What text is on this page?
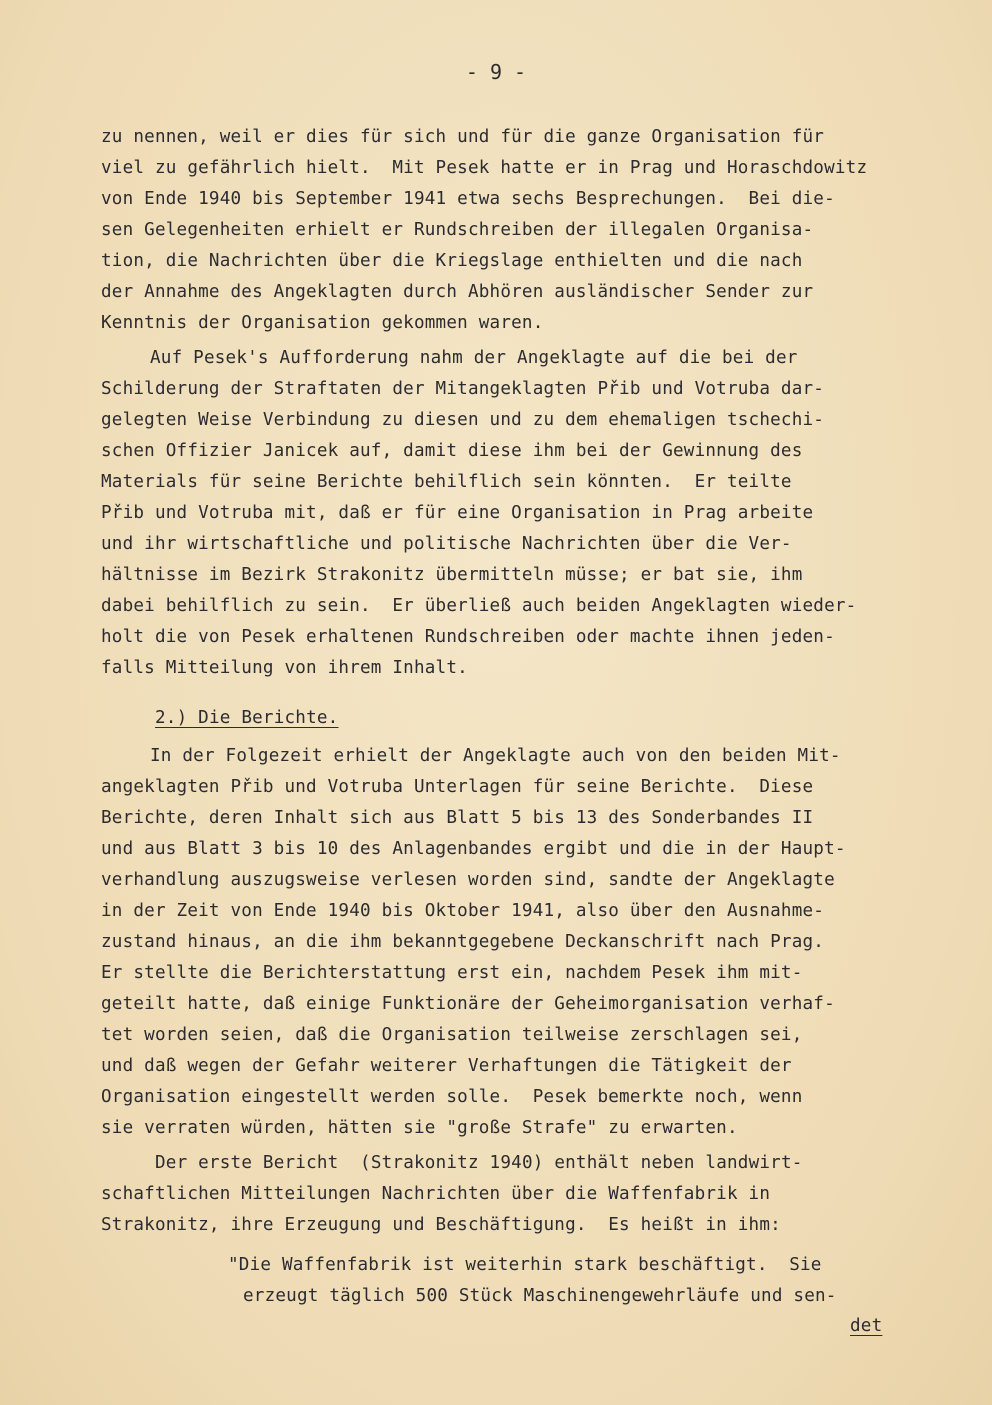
- 9 -
zu nennen, weil er dies für sich und für die ganze Organisation für
viel zu gefährlich hielt.  Mit Pesek hatte er in Prag und Horaschdowitz
von Ende 1940 bis September 1941 etwa sechs Besprechungen.  Bei die-
sen Gelegenheiten erhielt er Rundschreiben der illegalen Organisa-
tion, die Nachrichten über die Kriegslage enthielten und die nach
der Annahme des Angeklagten durch Abhören ausländischer Sender zur
Kenntnis der Organisation gekommen waren.
Auf Pesek's Aufforderung nahm der Angeklagte auf die bei der
Schilderung der Straftaten der Mitangeklagten Přib und Votruba dar-
gelegten Weise Verbindung zu diesen und zu dem ehemaligen tschechi-
schen Offizier Janicek auf, damit diese ihm bei der Gewinnung des
Materials für seine Berichte behilflich sein könnten.  Er teilte
Přib und Votruba mit, daß er für eine Organisation in Prag arbeite
und ihr wirtschaftliche und politische Nachrichten über die Ver-
hältnisse im Bezirk Strakonitz übermitteln müsse; er bat sie, ihm
dabei behilflich zu sein.  Er überließ auch beiden Angeklagten wieder-
holt die von Pesek erhaltenen Rundschreiben oder machte ihnen jeden-
falls Mitteilung von ihrem Inhalt.
2.) Die Berichte.
In der Folgezeit erhielt der Angeklagte auch von den beiden Mit-
angeklagten Přib und Votruba Unterlagen für seine Berichte.  Diese
Berichte, deren Inhalt sich aus Blatt 5 bis 13 des Sonderbandes II
und aus Blatt 3 bis 10 des Anlagenbandes ergibt und die in der Haupt-
verhandlung auszugsweise verlesen worden sind, sandte der Angeklagte
in der Zeit von Ende 1940 bis Oktober 1941, also über den Ausnahme-
zustand hinaus, an die ihm bekanntgegebene Deckanschrift nach Prag.
Er stellte die Berichterstattung erst ein, nachdem Pesek ihm mit-
geteilt hatte, daß einige Funktionäre der Geheimorganisation verhaf-
tet worden seien, daß die Organisation teilweise zerschlagen sei,
und daß wegen der Gefahr weiterer Verhaftungen die Tätigkeit der
Organisation eingestellt werden solle.  Pesek bemerkte noch, wenn
sie verraten würden, hätten sie "große Strafe" zu erwarten.
Der erste Bericht  (Strakonitz 1940) enthält neben landwirt-
schaftlichen Mitteilungen Nachrichten über die Waffenfabrik in
Strakonitz, ihre Erzeugung und Beschäftigung.  Es heißt in ihm:
"Die Waffenfabrik ist weiterhin stark beschäftigt.  Sie
erzeugt täglich 500 Stück Maschinengewehrläufe und sen-
det
